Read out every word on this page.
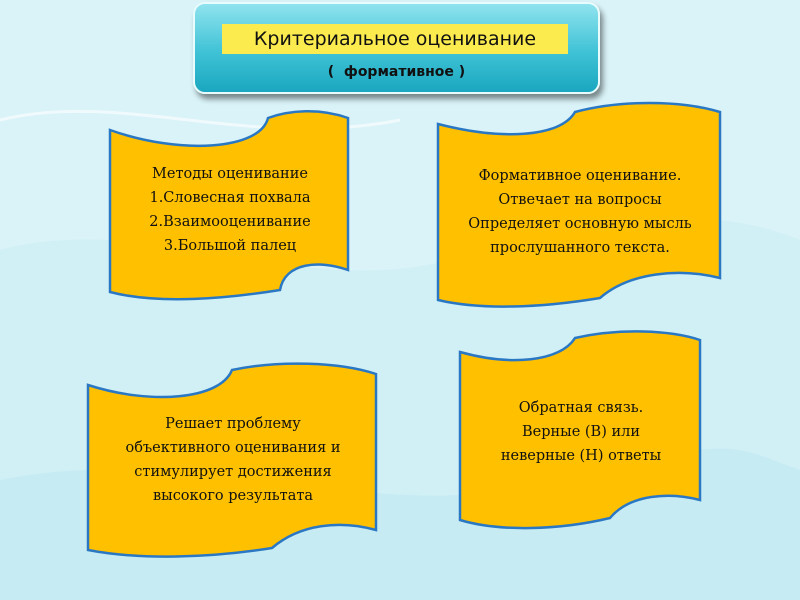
Критериальное оценивание
(  формативное )
Методы оценивание
1.Словесная похвала
2.Взаимооценивание
3.Большой палец
Формативное оценивание.
Отвечает на вопросы
Определяет основную мысль
прослушанного текста.
Решает проблему
объективного оценивания и
стимулирует достижения
высокого результата
Обратная связь.
Верные (В) или
неверные (Н) ответы
